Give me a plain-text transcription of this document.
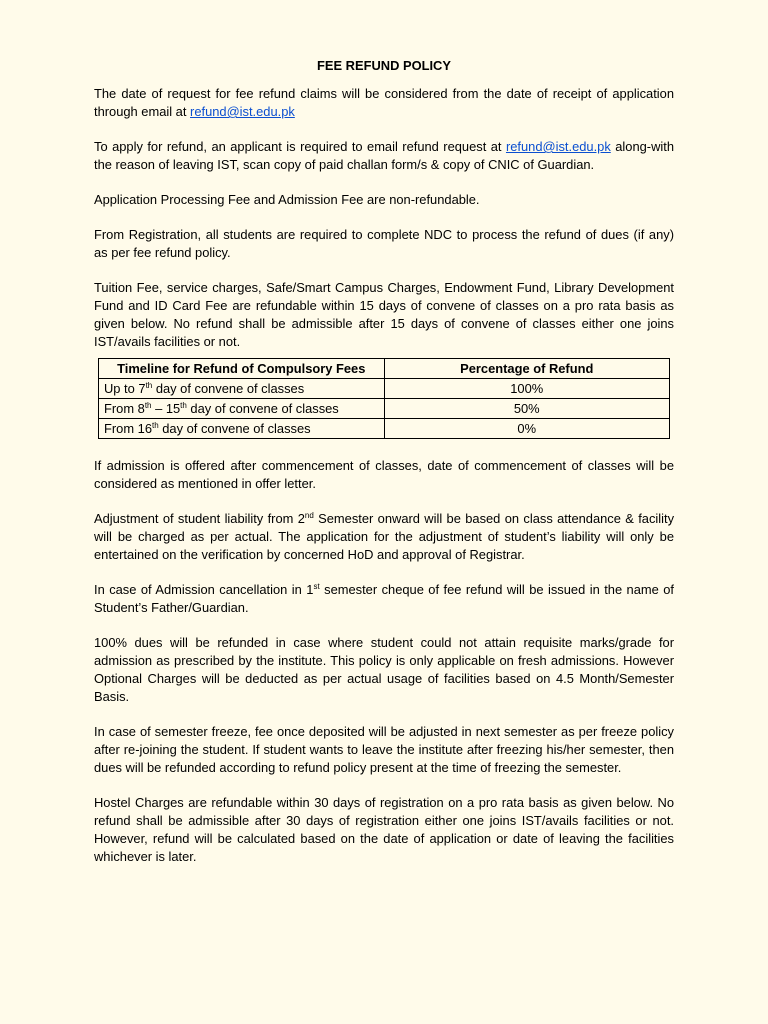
FEE REFUND POLICY

The date of request for fee refund claims will be considered from the date of receipt of application through email at refund@ist.edu.pk

To apply for refund, an applicant is required to email refund request at refund@ist.edu.pk along-with the reason of leaving IST, scan copy of paid challan form/s & copy of CNIC of Guardian.

Application Processing Fee and Admission Fee are non-refundable.

From Registration, all students are required to complete NDC to process the refund of dues (if any) as per fee refund policy.

Tuition Fee, service charges, Safe/Smart Campus Charges, Endowment Fund, Library Development Fund and ID Card Fee are refundable within 15 days of convene of classes on a pro rata basis as given below. No refund shall be admissible after 15 days of convene of classes either one joins IST/avails facilities or not.

Timeline for Refund of Compulsory Fees	Percentage of Refund
Up to 7th day of convene of classes	100%
From 8th – 15th day of convene of classes	50%
From 16th day of convene of classes	0%

If admission is offered after commencement of classes, date of commencement of classes will be considered as mentioned in offer letter.

Adjustment of student liability from 2nd Semester onward will be based on class attendance & facility will be charged as per actual. The application for the adjustment of student’s liability will only be entertained on the verification by concerned HoD and approval of Registrar.

In case of Admission cancellation in 1st semester cheque of fee refund will be issued in the name of Student’s Father/Guardian.

100% dues will be refunded in case where student could not attain requisite marks/grade for admission as prescribed by the institute. This policy is only applicable on fresh admissions. However Optional Charges will be deducted as per actual usage of facilities based on 4.5 Month/Semester Basis.

In case of semester freeze, fee once deposited will be adjusted in next semester as per freeze policy after re-joining the student. If student wants to leave the institute after freezing his/her semester, then dues will be refunded according to refund policy present at the time of freezing the semester.

Hostel Charges are refundable within 30 days of registration on a pro rata basis as given below. No refund shall be admissible after 30 days of registration either one joins IST/avails facilities or not. However, refund will be calculated based on the date of application or date of leaving the facilities whichever is later.
